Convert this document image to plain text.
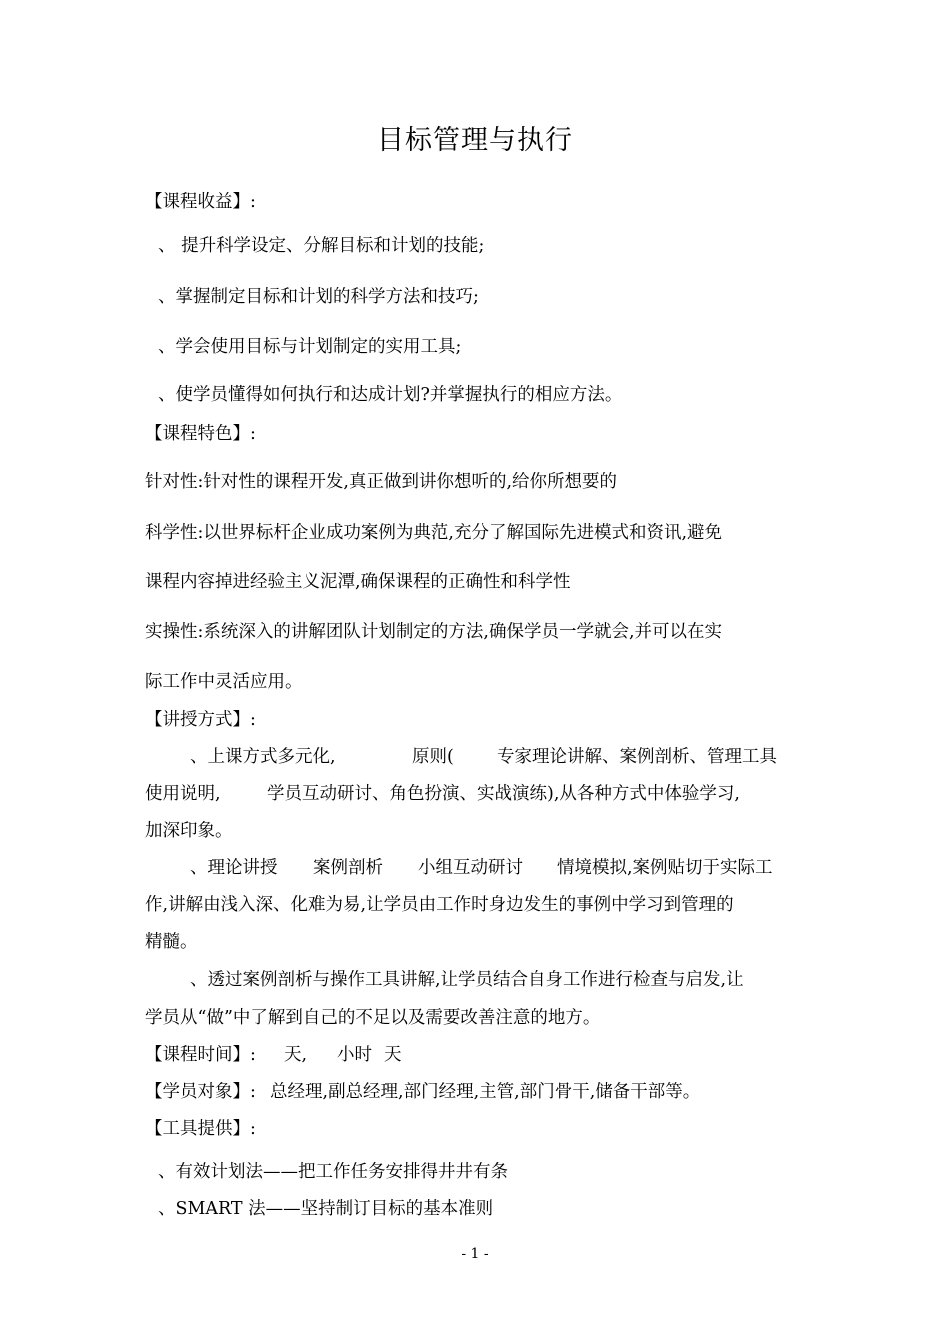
目标管理与执行
【课程收益】:
、 提升科学设定、分解目标和计划的技能;
、掌握制定目标和计划的科学方法和技巧;
、学会使用目标与计划制定的实用工具;
、使学员懂得如何执行和达成计划?并掌握执行的相应方法。
【课程特色】:
针对性:针对性的课程开发,真正做到讲你想听的,给你所想要的
科学性:以世界标杆企业成功案例为典范,充分了解国际先进模式和资讯,避免
课程内容掉进经验主义泥潭,确保课程的正确性和科学性
实操性:系统深入的讲解团队计划制定的方法,确保学员一学就会,并可以在实
际工作中灵活应用。
【讲授方式】:
、上课方式多元化,	原则( 专家理论讲解、案例剖析、管理工具
使用说明,	学员互动研讨、角色扮演、实战演练),从各种方式中体验学习,
加深印象。
、理论讲授 案例剖析 小组互动研讨 情境模拟,案例贴切于实际工
作,讲解由浅入深、化难为易,让学员由工作时身边发生的事例中学习到管理的
精髓。
、透过案例剖析与操作工具讲解,让学员结合自身工作进行检查与启发,让
学员从“做”中了解到自己的不足以及需要改善注意的地方。
【课程时间】: 天, 小时 天
【学员对象】: 总经理,副总经理,部门经理,主管,部门骨干,储备干部等。
【工具提供】:
、有效计划法——把工作任务安排得井井有条
、SMART 法——坚持制订目标的基本准则
- 1 -
